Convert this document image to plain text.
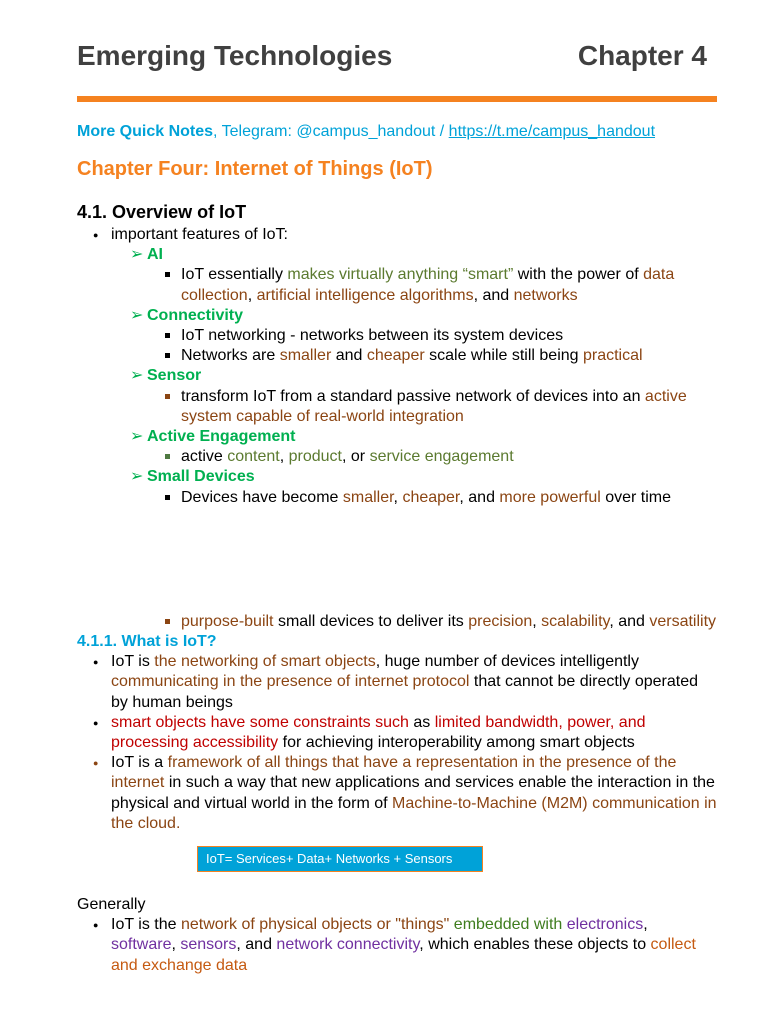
Emerging Technologies	Chapter 4

More Quick Notes, Telegram: @campus_handout / https://t.me/campus_handout

Chapter Four: Internet of Things (IoT)

4.1. Overview of IoT

● important features of IoT:
➢ AI
IoT essentially makes virtually anything “smart” with the power of data collection, artificial intelligence algorithms, and networks
➢ Connectivity
IoT networking - networks between its system devices
Networks are smaller and cheaper scale while still being practical
➢ Sensor
transform IoT from a standard passive network of devices into an active system capable of real-world integration
➢ Active Engagement
active content, product, or service engagement
➢ Small Devices
Devices have become smaller, cheaper, and more powerful over time
purpose-built small devices to deliver its precision, scalability, and versatility

4.1.1. What is IoT?

● IoT is the networking of smart objects, huge number of devices intelligently communicating in the presence of internet protocol that cannot be directly operated by human beings
● smart objects have some constraints such as limited bandwidth, power, and processing accessibility for achieving interoperability among smart objects
● IoT is a framework of all things that have a representation in the presence of the internet in such a way that new applications and services enable the interaction in the physical and virtual world in the form of Machine-to-Machine (M2M) communication in the cloud.
IoT= Services+ Data+ Networks + Sensors

Generally

● IoT is the network of physical objects or "things" embedded with electronics, software, sensors, and network connectivity, which enables these objects to collect and exchange data
